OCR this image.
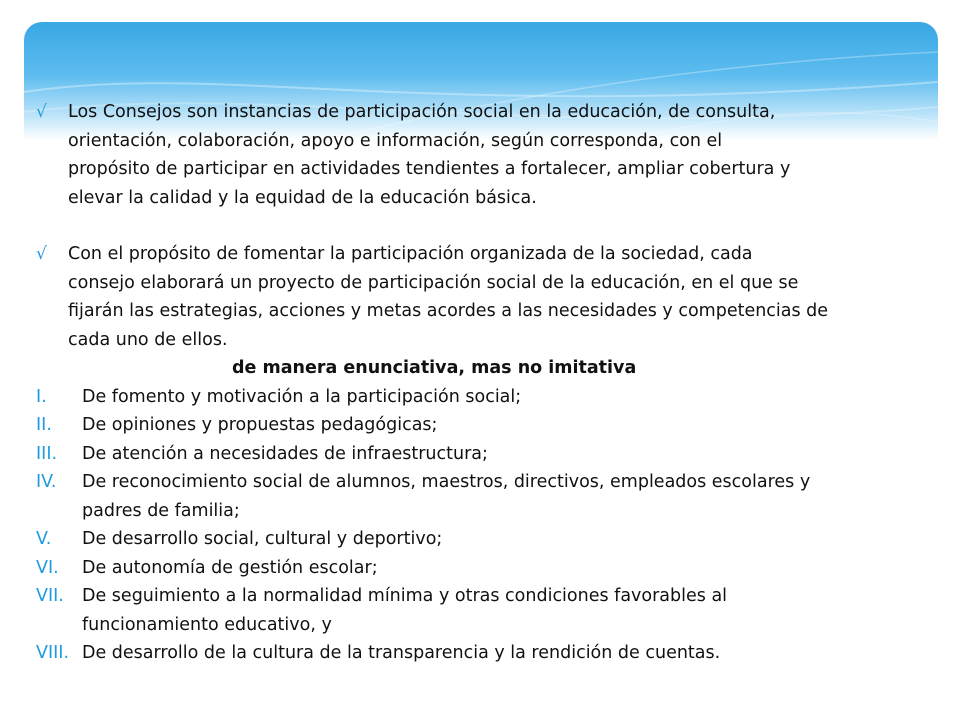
√ Los Consejos son instancias de participación social en la educación, de consulta,
orientación, colaboración, apoyo e información, según corresponda, con el
propósito de participar en actividades tendientes a fortalecer, ampliar cobertura y
elevar la calidad y la equidad de la educación básica.
√ Con el propósito de fomentar la participación organizada de la sociedad, cada
consejo elaborará un proyecto de participación social de la educación, en el que se
fijarán las estrategias, acciones y metas acordes a las necesidades y competencias de
cada uno de ellos.
de manera enunciativa, mas no imitativa
I. De fomento y motivación a la participación social;
II. De opiniones y propuestas pedagógicas;
III. De atención a necesidades de infraestructura;
IV. De reconocimiento social de alumnos, maestros, directivos, empleados escolares y
padres de familia;
V. De desarrollo social, cultural y deportivo;
VI. De autonomía de gestión escolar;
VII. De seguimiento a la normalidad mínima y otras condiciones favorables al
funcionamiento educativo, y
VIII. De desarrollo de la cultura de la transparencia y la rendición de cuentas.
